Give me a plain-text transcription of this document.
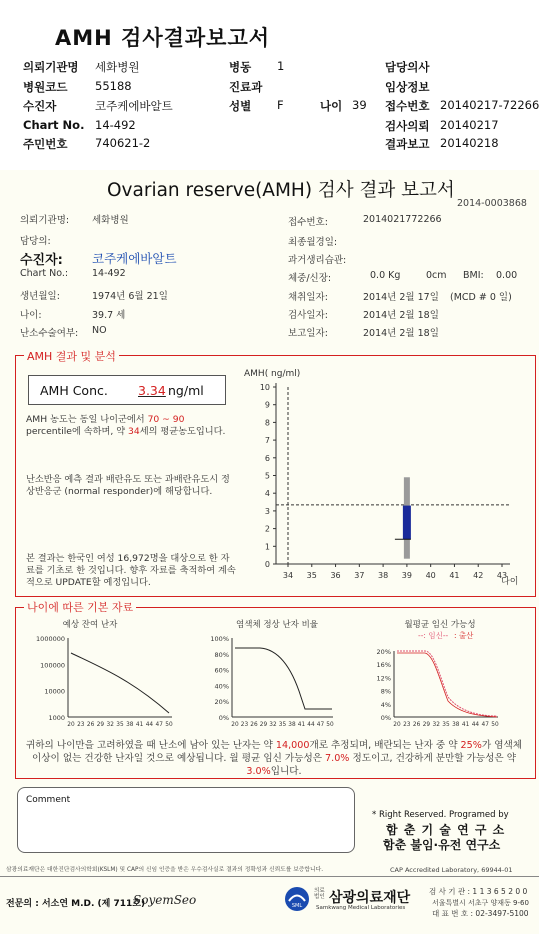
AMH 검사결과보고서
의뢰기관명 세화병원	병동 1	담당의사
병원코드 55188	진료과	임상정보
수진자	코주케에바알트	성별 F	나이 39 접수번호 20140217-72266
Chart No. 14-492	검사의뢰 20140217
주민번호 740621-2	결과보고 20140218
Ovarian reserve(AMH) 검사 결과 보고서
2014-0003868
의뢰기관명: 세화병원
담당의:
수진자: 코주케에바알트
Chart No.:	14-492
생년월일:	1974년 6월 21일
나이:	39.7 세
난소수술여부: NO
접수번호:	2014021772266
최종월경일:
과거생리습관:
체중/신장:	0.0 Kg	0cm BMI: 0.00
채취일자:	2014년 2월 17일 (MCD # 0 일)
검사일자:	2014년 2월 18일
보고일자:	2014년 2월 18일
AMH 결과 및 분석
AMH Conc. 3.34 ng/ml
AMH 농도는 동일 나이군에서 70 ~ 90 percentile에 속하며, 약 34세의 평균농도입니다.
난소반응 예측 결과 배란유도 또는 과배란유도시 정상반응군 (normal responder)에 해당합니다.
본 결과는 한국인 여성 16,972명을 대상으로 한 자료를 기초로 한 것입니다. 향후 자료를 축적하여 계속적으로 UPDATE할 예정입니다.
AMH( ng/ml)
0
1
2
3
4
5
6
7
8
9
10
34 35 36 37 38 39 40 41 42 43
나이
나이에 따른 기본 자료
예상 잔여 난자
1000000
100000
10000
1000
20 23 26 29 32 35 38 41 44 47 50
염색체 정상 난자 비율
100%
80%
60%
40%
20%
0%
20 23 26 29 32 35 38 41 44 47 50
월평균 임신 가능성
--: 임신-- : 출산
20%
16%
12%
8%
4%
0%
20 23 26 29 32 35 38 41 44 47 50
귀하의 나이만을 고려하였을 때 난소에 남아 있는 난자는 약 14,000개로 추정되며, 배란되는 난자 중 약 25%가 염색체이상이 없는 건강한 난자일 것으로 예상됩니다. 월 평균 임신 가능성은 7.0% 정도이고, 건강하게 분만할 가능성은 약 3.0%입니다.
Comment
* Right Reserved. Programed by
함 춘 기 술 연 구 소
함춘 불임·유전 연구소
삼광의료재단은 대한진단검사의학회(KSLM) 및 CAP의 신임 인증을 받은 우수검사실로 결과의 정확성과 신뢰도를 보증합니다.	CAP Accredited Laboratory, 69944-01
전문의 : 서소연 M.D. (제 711호)
SoyemSeo	SML
의료법인 삼광의료재단
Samkwang Medical Laboratories
검 사 기 관 : 1 1 3 6 5 2 0 0
서울특별시 서초구 양재동 9-60
대 표 번 호 : 02-3497-5100
